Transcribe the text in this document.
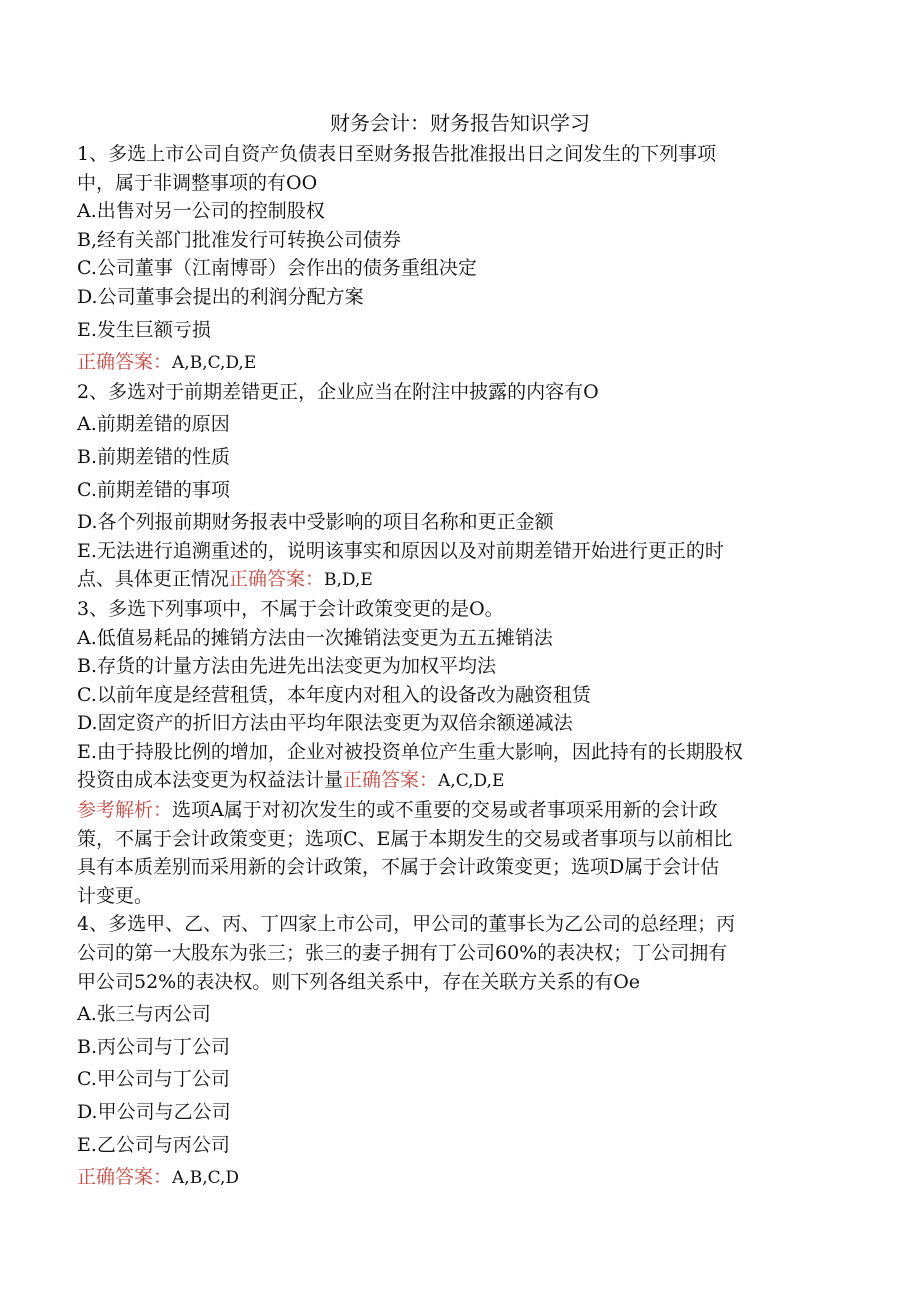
财务会计：财务报告知识学习
1、多选上市公司自资产负债表日至财务报告批准报出日之间发生的下列事项
中，属于非调整事项的有OO
A.出售对另一公司的控制股权
B,经有关部门批准发行可转换公司债券
C.公司董事（江南博哥）会作出的债务重组决定
D.公司董事会提出的利润分配方案
E.发生巨额亏损
正确答案：A,B,C,D,E
2、多选对于前期差错更正，企业应当在附注中披露的内容有O
A.前期差错的原因
B.前期差错的性质
C.前期差错的事项
D.各个列报前期财务报表中受影响的项目名称和更正金额
E.无法进行追溯重述的，说明该事实和原因以及对前期差错开始进行更正的时
点、具体更正情况正确答案：B,D,E
3、多选下列事项中，不属于会计政策变更的是O。
A.低值易耗品的摊销方法由一次摊销法变更为五五摊销法
B.存货的计量方法由先进先出法变更为加权平均法
C.以前年度是经营租赁，本年度内对租入的设备改为融资租赁
D.固定资产的折旧方法由平均年限法变更为双倍余额递减法
E.由于持股比例的增加，企业对被投资单位产生重大影响，因此持有的长期股权
投资由成本法变更为权益法计量正确答案：A,C,D,E
参考解析：选项A属于对初次发生的或不重要的交易或者事项采用新的会计政
策，不属于会计政策变更；选项C、E属于本期发生的交易或者事项与以前相比
具有本质差别而采用新的会计政策，不属于会计政策变更；选项D属于会计估
计变更。
4、多选甲、乙、丙、丁四家上市公司，甲公司的董事长为乙公司的总经理；丙
公司的第一大股东为张三；张三的妻子拥有丁公司60%的表决权；丁公司拥有
甲公司52%的表决权。则下列各组关系中，存在关联方关系的有Oe
A.张三与丙公司
B.丙公司与丁公司
C.甲公司与丁公司
D.甲公司与乙公司
E.乙公司与丙公司
正确答案：A,B,C,D
